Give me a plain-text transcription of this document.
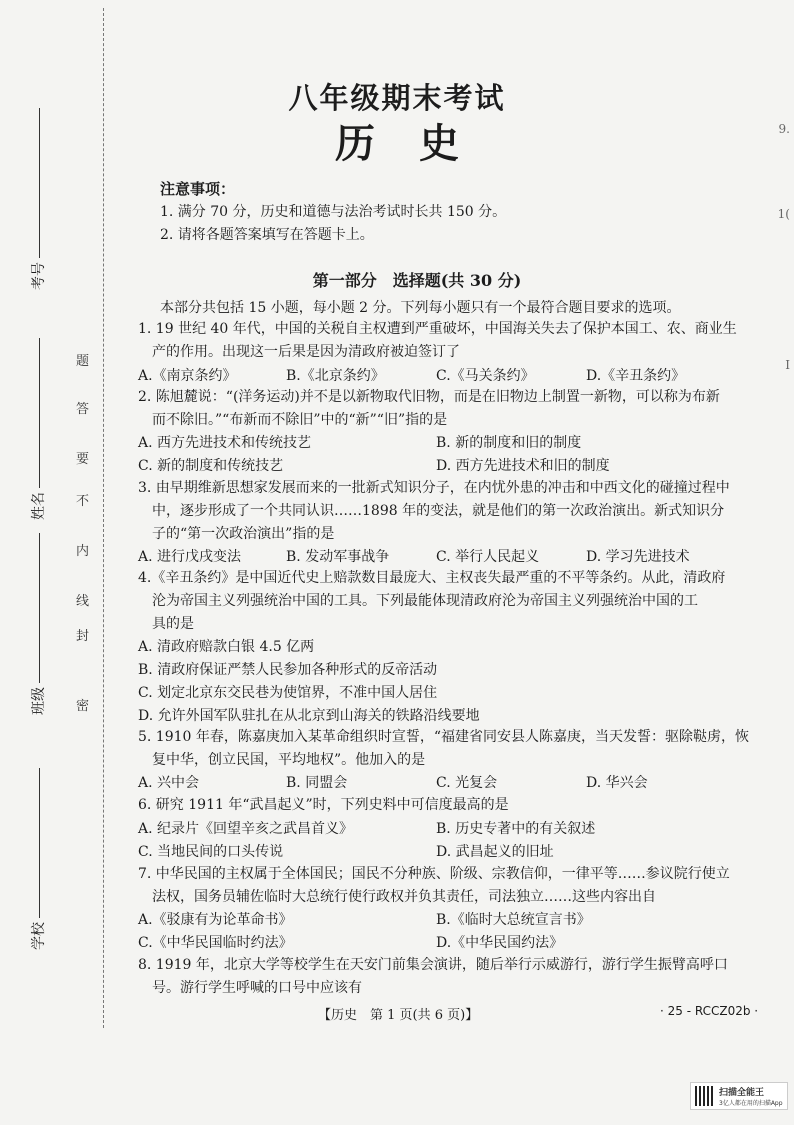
考号
姓名
班级
学校
密
封
线
内
不
要
答
题
9.
1(
I
八年级期末考试
历史
注意事项：
1. 满分 70 分，历史和道德与法治考试时长共 150 分。
2. 请将各题答案填写在答题卡上。
第一部分　选择题(共 30 分)
本部分共包括 15 小题，每小题 2 分。下列每小题只有一个最符合题目要求的选项。
1. 19 世纪 40 年代，中国的关税自主权遭到严重破坏，中国海关失去了保护本国工、农、商业生
产的作用。出现这一后果是因为清政府被迫签订了
A.《南京条约》	B.《北京条约》	C.《马关条约》	D.《辛丑条约》
2. 陈旭麓说：“(洋务运动)并不是以新物取代旧物，而是在旧物边上制置一新物，可以称为布新
而不除旧。”“布新而不除旧”中的“新”“旧”指的是
A. 西方先进技术和传统技艺	B. 新的制度和旧的制度
C. 新的制度和传统技艺	D. 西方先进技术和旧的制度
3. 由早期维新思想家发展而来的一批新式知识分子，在内忧外患的冲击和中西文化的碰撞过程中
中，逐步形成了一个共同认识……1898 年的变法，就是他们的第一次政治演出。新式知识分
子的“第一次政治演出”指的是
A. 进行戊戌变法	B. 发动军事战争	C. 举行人民起义	D. 学习先进技术
4.《辛丑条约》是中国近代史上赔款数目最庞大、主权丧失最严重的不平等条约。从此，清政府
沦为帝国主义列强统治中国的工具。下列最能体现清政府沦为帝国主义列强统治中国的工
具的是
A. 清政府赔款白银 4.5 亿两
B. 清政府保证严禁人民参加各种形式的反帝活动
C. 划定北京东交民巷为使馆界，不准中国人居住
D. 允许外国军队驻扎在从北京到山海关的铁路沿线要地
5. 1910 年春，陈嘉庚加入某革命组织时宣誓，“福建省同安县人陈嘉庚，当天发誓：驱除鞑虏，恢
复中华，创立民国，平均地权”。他加入的是
A. 兴中会	B. 同盟会	C. 光复会	D. 华兴会
6. 研究 1911 年“武昌起义”时，下列史料中可信度最高的是
A. 纪录片《回望辛亥之武昌首义》	B. 历史专著中的有关叙述
C. 当地民间的口头传说	D. 武昌起义的旧址
7. 中华民国的主权属于全体国民；国民不分种族、阶级、宗教信仰，一律平等……参议院行使立
法权，国务员辅佐临时大总统行使行政权并负其责任，司法独立……这些内容出自
A.《驳康有为论革命书》	B.《临时大总统宣言书》
C.《中华民国临时约法》	D.《中华民国约法》
8. 1919 年，北京大学等校学生在天安门前集会演讲，随后举行示威游行，游行学生振臂高呼口
号。游行学生呼喊的口号中应该有
【历史　第 1 页(共 6 页)】	· 25 - RCCZ02b ·
扫描全能王
3亿人都在用的扫描App
